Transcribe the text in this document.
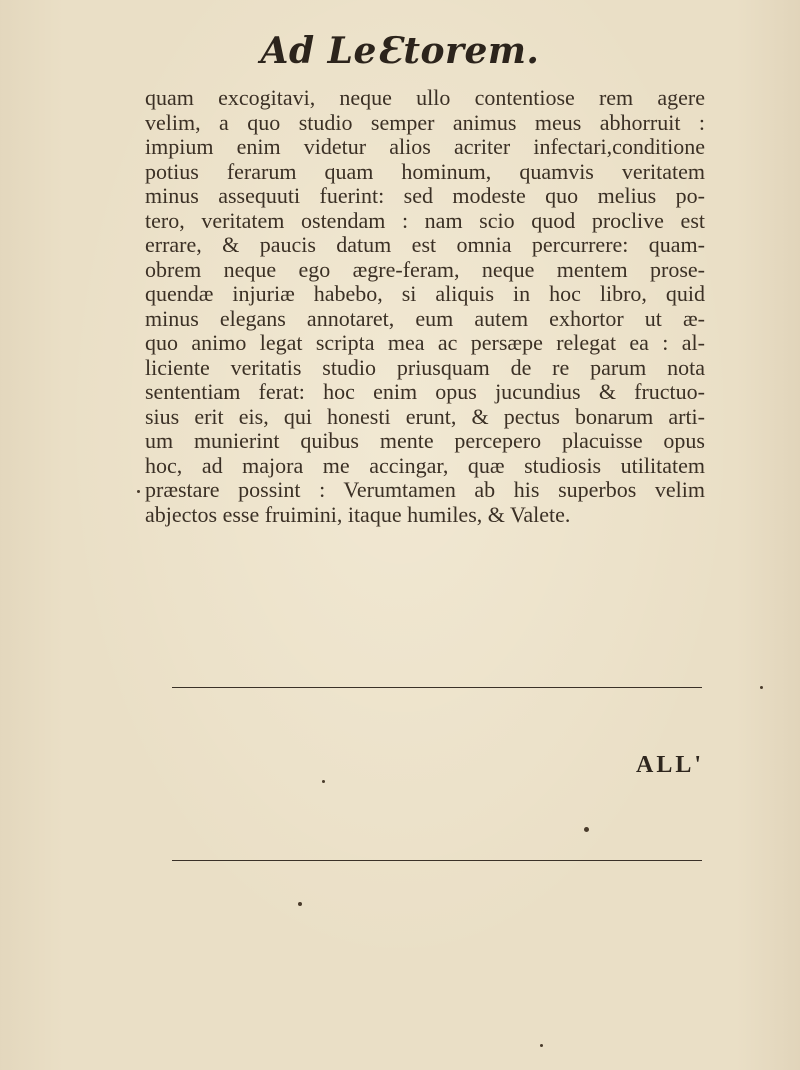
Ad LeƐtorem.
quam excogitavi, neque ullo contentiose rem agere
velim, a quo studio semper animus meus abhorruit :
impium enim videtur alios acriter infectari,conditione
potius ferarum quam hominum, quamvis veritatem
minus assequuti fuerint: sed modeste quo melius po-
tero, veritatem ostendam : nam scio quod proclive est
errare, & paucis datum est omnia percurrere: quam-
obrem neque ego ægre-feram, neque mentem prose-
quendæ injuriæ habebo, si aliquis in hoc libro, quid
minus elegans annotaret, eum autem exhortor ut æ-
quo animo legat scripta mea ac persæpe relegat ea : al-
liciente veritatis studio priusquam de re parum nota
sententiam ferat: hoc enim opus jucundius & fructuo-
sius erit eis, qui honesti erunt, & pectus bonarum arti-
um munierint quibus mente percepero placuisse opus
hoc, ad majora me accingar, quæ studiosis utilitatem
præstare possint : Verumtamen ab his superbos velim
abjectos esse fruimini, itaque humiles, & Valete.
ALL'
